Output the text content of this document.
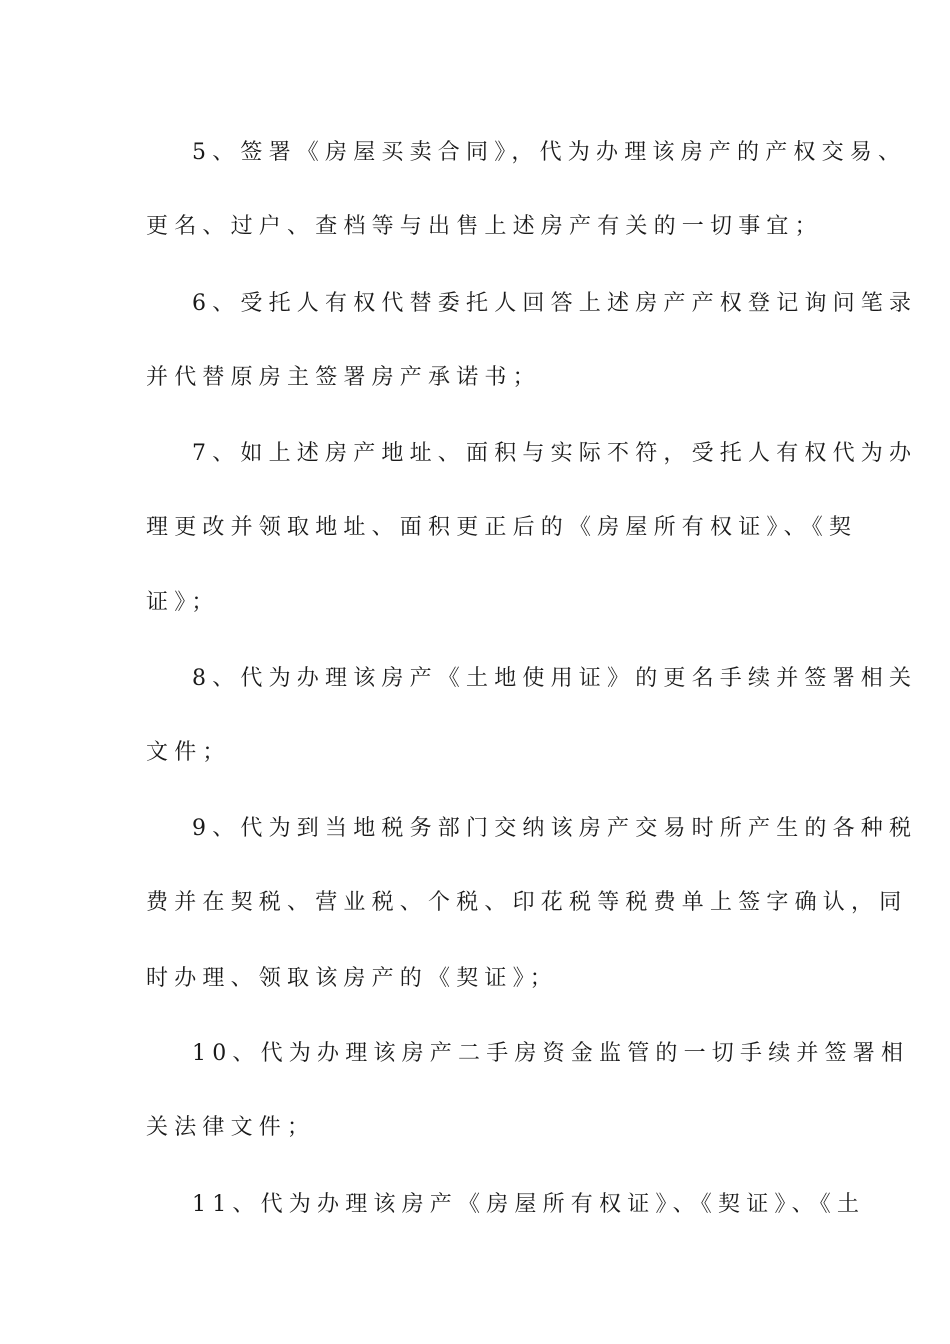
5、签署《房屋买卖合同》，代为办理该房产的产权交易、

更名、过户、查档等与出售上述房产有关的一切事宜；

6、受托人有权代替委托人回答上述房产产权登记询问笔录

并代替原房主签署房产承诺书；

7、如上述房产地址、面积与实际不符，受托人有权代为办

理更改并领取地址、面积更正后的《房屋所有权证》、《契

证》；

8、代为办理该房产《土地使用证》的更名手续并签署相关

文件；

9、代为到当地税务部门交纳该房产交易时所产生的各种税

费并在契税、营业税、个税、印花税等税费单上签字确认，同

时办理、领取该房产的《契证》；

10、代为办理该房产二手房资金监管的一切手续并签署相

关法律文件；

11、代为办理该房产《房屋所有权证》、《契证》、《土
